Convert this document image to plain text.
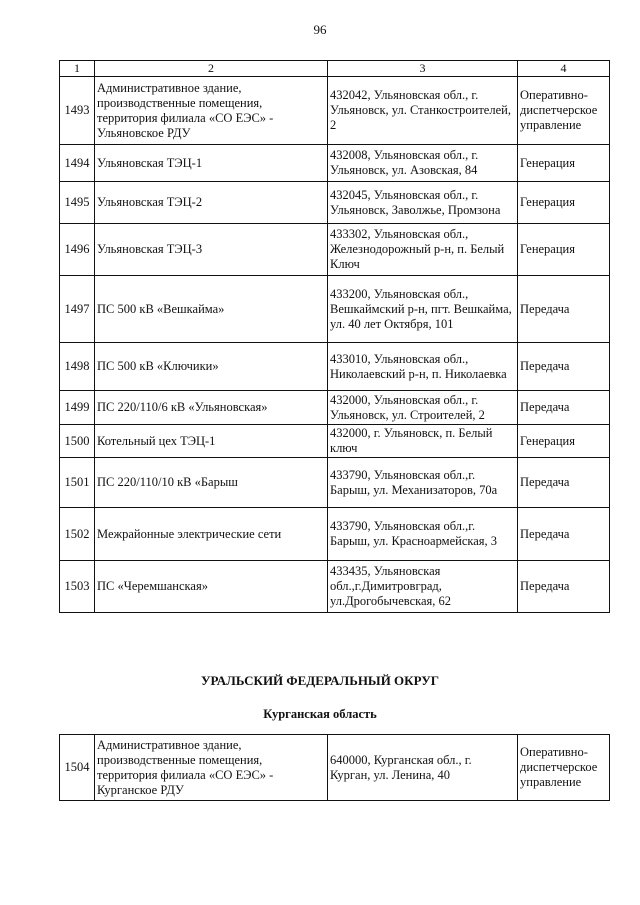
96
1	2	3	4
1493	Административное здание, производственные помещения, территория филиала «СО ЕЭС» - Ульяновское РДУ	432042, Ульяновская обл., г. Ульяновск, ул. Станкостроителей, 2	Оперативно-диспетчерское управление
1494	Ульяновская ТЭЦ-1	432008, Ульяновская обл., г. Ульяновск, ул. Азовская, 84	Генерация
1495	Ульяновская ТЭЦ-2	432045, Ульяновская обл., г. Ульяновск, Заволжье, Промзона	Генерация
1496	Ульяновская ТЭЦ-3	433302, Ульяновская обл., Железнодорожный р-н, п. Белый Ключ	Генерация
1497	ПС 500 кВ «Вешкайма»	433200, Ульяновская обл., Вешкаймский р-н, пгт. Вешкайма, ул. 40 лет Октября, 101	Передача
1498	ПС 500 кВ «Ключики»	433010, Ульяновская обл., Николаевский р-н, п. Николаевка	Передача
1499	ПС 220/110/6 кВ «Ульяновская»	432000, Ульяновская обл., г. Ульяновск, ул. Строителей, 2	Передача
1500	Котельный цех ТЭЦ-1	432000, г. Ульяновск, п. Белый ключ	Генерация
1501	ПС 220/110/10 кВ «Барыш	433790, Ульяновская обл.,г. Барыш, ул. Механизаторов, 70а	Передача
1502	Межрайонные электрические сети	433790, Ульяновская обл.,г. Барыш, ул. Красноармейская, 3	Передача
1503	ПС «Черемшанская»	433435, Ульяновская обл.,г.Димитровград, ул.Дрогобычевская, 62	Передача
УРАЛЬСКИЙ ФЕДЕРАЛЬНЫЙ ОКРУГ
Курганская область
1504	Административное здание, производственные помещения, территория филиала «СО ЕЭС» - Курганское РДУ	640000, Курганская обл., г. Курган, ул. Ленина, 40	Оперативно-диспетчерское управление
